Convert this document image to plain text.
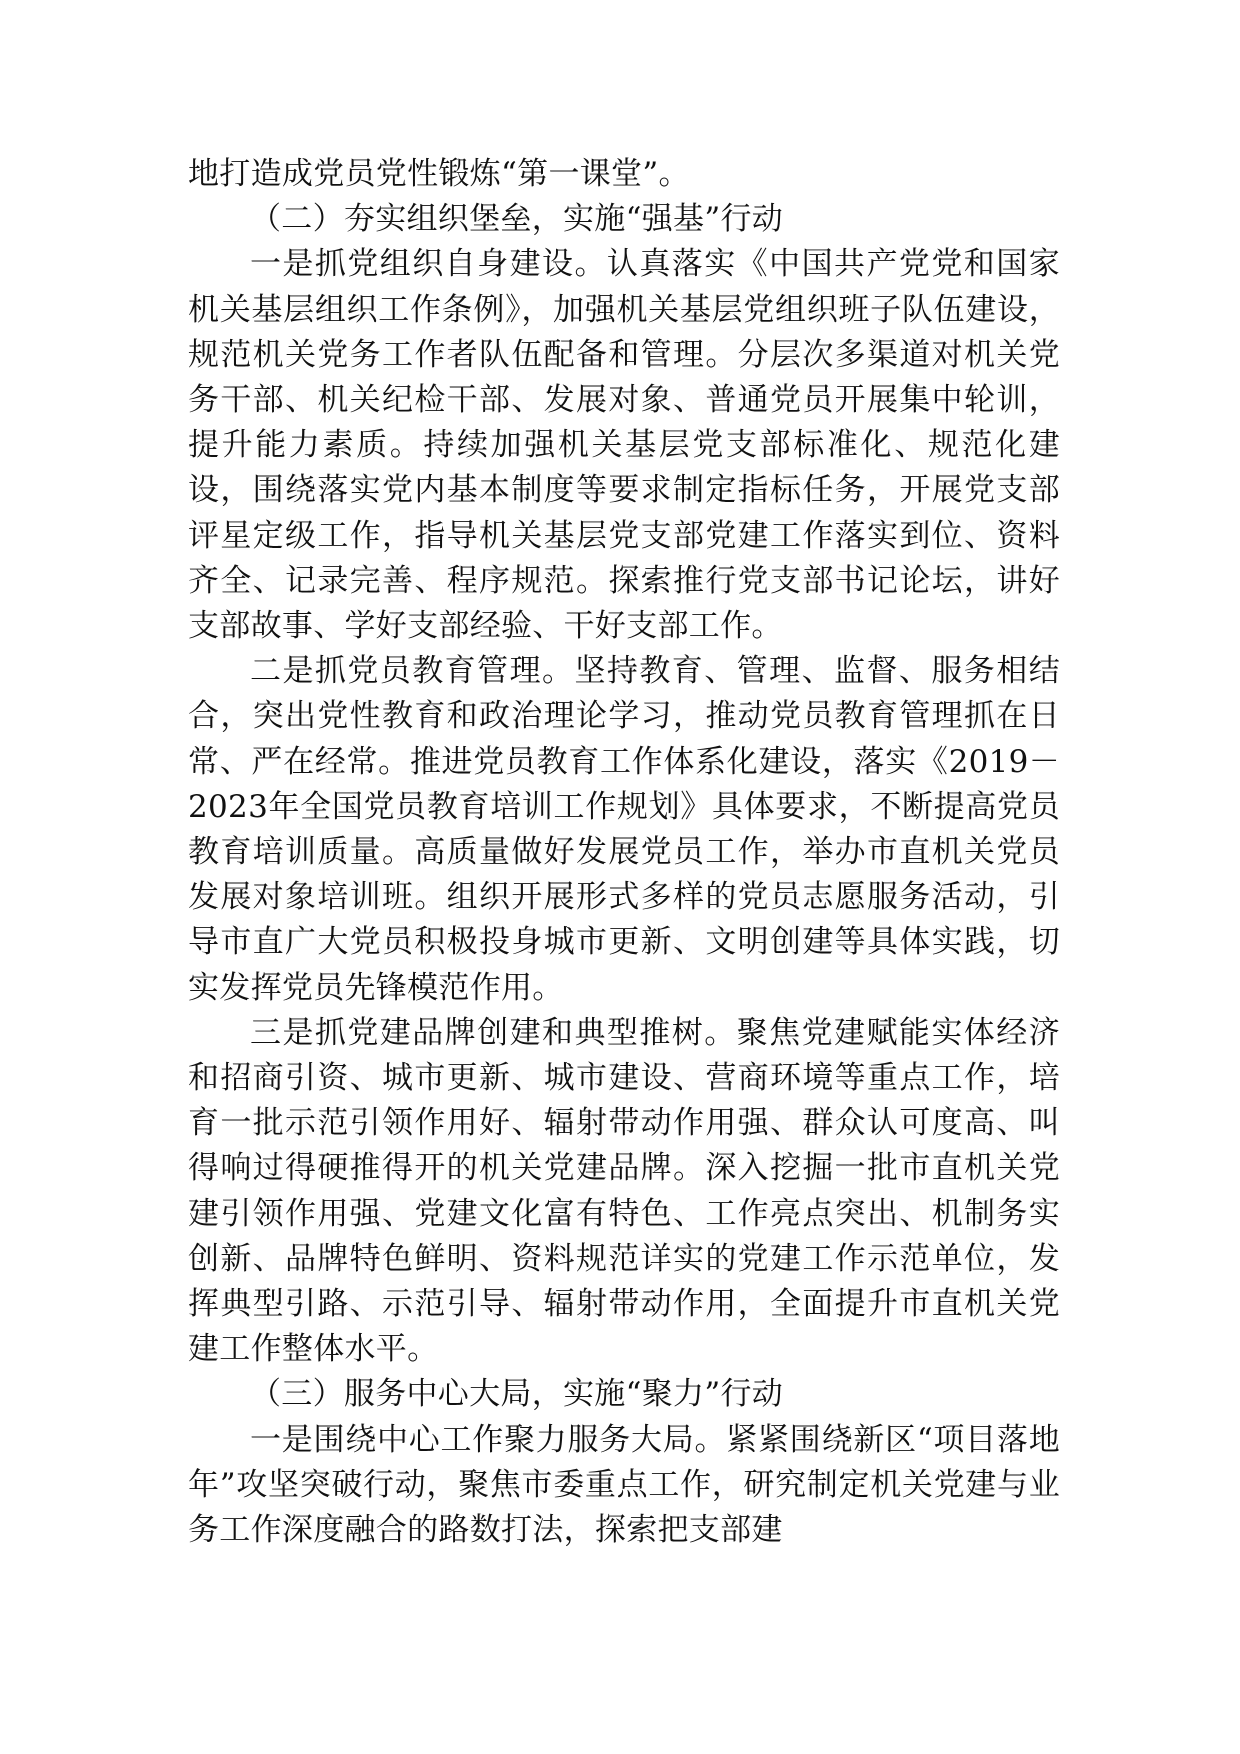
地打造成党员党性锻炼“第一课堂”。

（二）夯实组织堡垒，实施“强基”行动

一是抓党组织自身建设。认真落实《中国共产党党和国家机关基层组织工作条例》，加强机关基层党组织班子队伍建设，规范机关党务工作者队伍配备和管理。分层次多渠道对机关党务干部、机关纪检干部、发展对象、普通党员开展集中轮训，提升能力素质。持续加强机关基层党支部标准化、规范化建设，围绕落实党内基本制度等要求制定指标任务，开展党支部评星定级工作，指导机关基层党支部党建工作落实到位、资料齐全、记录完善、程序规范。探索推行党支部书记论坛，讲好支部故事、学好支部经验、干好支部工作。

二是抓党员教育管理。坚持教育、管理、监督、服务相结合，突出党性教育和政治理论学习，推动党员教育管理抓在日常、严在经常。推进党员教育工作体系化建设，落实《2019－2023年全国党员教育培训工作规划》具体要求，不断提高党员教育培训质量。高质量做好发展党员工作，举办市直机关党员发展对象培训班。组织开展形式多样的党员志愿服务活动，引导市直广大党员积极投身城市更新、文明创建等具体实践，切实发挥党员先锋模范作用。

三是抓党建品牌创建和典型推树。聚焦党建赋能实体经济和招商引资、城市更新、城市建设、营商环境等重点工作，培育一批示范引领作用好、辐射带动作用强、群众认可度高、叫得响过得硬推得开的机关党建品牌。深入挖掘一批市直机关党建引领作用强、党建文化富有特色、工作亮点突出、机制务实创新、品牌特色鲜明、资料规范详实的党建工作示范单位，发挥典型引路、示范引导、辐射带动作用，全面提升市直机关党建工作整体水平。

（三）服务中心大局，实施“聚力”行动

一是围绕中心工作聚力服务大局。紧紧围绕新区“项目落地年”攻坚突破行动，聚焦市委重点工作，研究制定机关党建与业务工作深度融合的路数打法，探索把支部建
